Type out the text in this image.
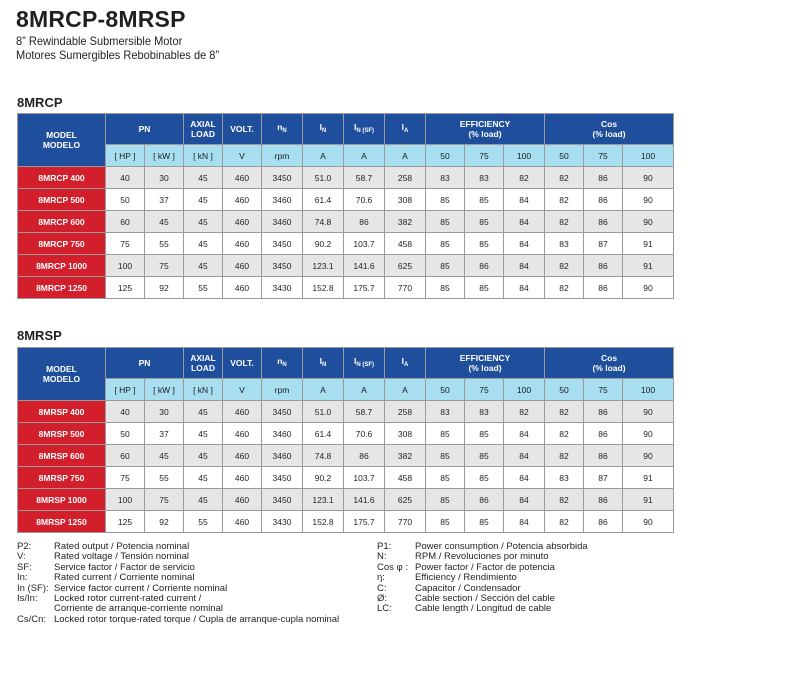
8MRCP-8MRSP
8” Rewindable Submersible Motor
Motores Sumergibles Rebobinables de 8”
8MRCP
MODEL
MODELO	PN		AXIAL
LOAD	VOLT.	$n_N$	$I_N$	$I_{N (SF)}$	$I_A$	EFFICIENCY
(% load)			Cos
(% load)		
	[ HP ]	[ kW ]	[ kN ]	V	rpm	A	A	A	50	75	100	50	75	100
8MRCP 400	40	30	45	460	3450	51.0	58.7	258	83	83	82	82	86	90
8MRCP 500	50	37	45	460	3460	61.4	70.6	308	85	85	84	82	86	90
8MRCP 600	60	45	45	460	3460	74.8	86	382	85	85	84	82	86	90
8MRCP 750	75	55	45	460	3450	90.2	103.7	458	85	85	84	83	87	91
8MRCP 1000	100	75	45	460	3450	123.1	141.6	625	85	86	84	82	86	91
8MRCP 1250	125	92	55	460	3430	152.8	175.7	770	85	85	84	82	86	90
8MRSP
MODEL
MODELO	PN		AXIAL
LOAD	VOLT.	$n_N$	$I_N$	$I_{N (SF)}$	$I_A$	EFFICIENCY
(% load)			Cos
(% load)		
	[ HP ]	[ kW ]	[ kN ]	V	rpm	A	A	A	50	75	100	50	75	100
8MRSP 400	40	30	45	460	3450	51.0	58.7	258	83	83	82	82	86	90
8MRSP 500	50	37	45	460	3460	61.4	70.6	308	85	85	84	82	86	90
8MRSP 600	60	45	45	460	3460	74.8	86	382	85	85	84	82	86	90
8MRSP 750	75	55	45	460	3450	90.2	103.7	458	85	85	84	83	87	91
8MRSP 1000	100	75	45	460	3450	123.1	141.6	625	85	86	84	82	86	91
8MRSP 1250	125	92	55	460	3430	152.8	175.7	770	85	85	84	82	86	90
P2:	Rated output / Potencia nominal
V:	Rated voltage / Tensión nominal
SF:	Service factor / Factor de servicio
In:	Rated current / Corriente nominal
In (SF): Service factor current / Corriente nominal
Is/In:	Locked rotor current-rated current /
Corriente de arranque-corriente nominal
Cs/Cn: Locked rotor torque-rated torque / Cupla de arranque-cupla nominal
P1:	Power consumption / Potencia absorbida
N:	RPM / Revoluciones por minuto
Cos φ : Power factor / Factor de potencia
η:	Efficiency / Rendimiento
C:	Capacitor / Condensador
Ø:	Cable section / Sección del cable
LC:	Cable length / Longitud de cable
